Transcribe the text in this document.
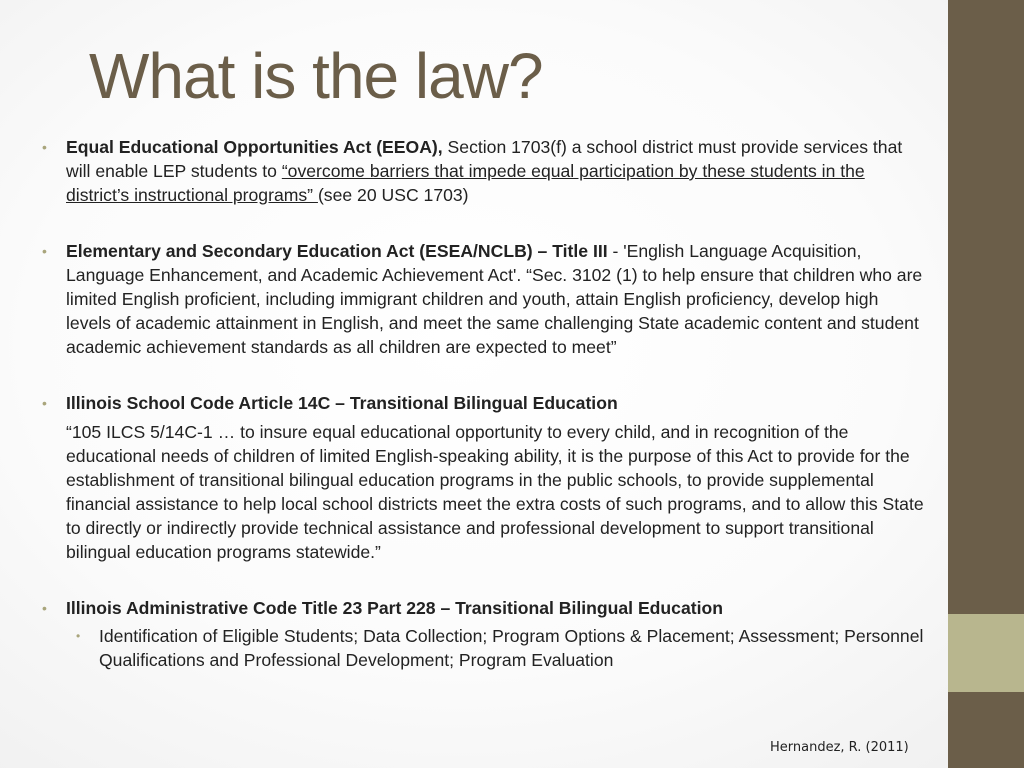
What is the law?

• Equal Educational Opportunities Act (EEOA), Section 1703(f) a school district must provide services that will enable LEP students to “overcome barriers that impede equal participation by these students in the district’s instructional programs” (see 20 USC 1703)

• Elementary and Secondary Education Act (ESEA/NCLB) – Title III - 'English Language Acquisition, Language Enhancement, and Academic Achievement Act'. “Sec. 3102 (1) to help ensure that children who are limited English proficient, including immigrant children and youth, attain English proficiency, develop high levels of academic attainment in English, and meet the same challenging State academic content and student academic achievement standards as all children are expected to meet”

• Illinois School Code Article 14C – Transitional Bilingual Education

“105 ILCS 5/14C-1 … to insure equal educational opportunity to every child, and in recognition of the educational needs of children of limited English-speaking ability, it is the purpose of this Act to provide for the establishment of transitional bilingual education programs in the public schools, to provide supplemental financial assistance to help local school districts meet the extra costs of such programs, and to allow this State to directly or indirectly provide technical assistance and professional development to support transitional bilingual education programs statewide.”

• Illinois Administrative Code Title 23 Part 228 – Transitional Bilingual Education

• Identification of Eligible Students; Data Collection; Program Options & Placement; Assessment; Personnel Qualifications and Professional Development; Program Evaluation

Hernandez, R. (2011)
